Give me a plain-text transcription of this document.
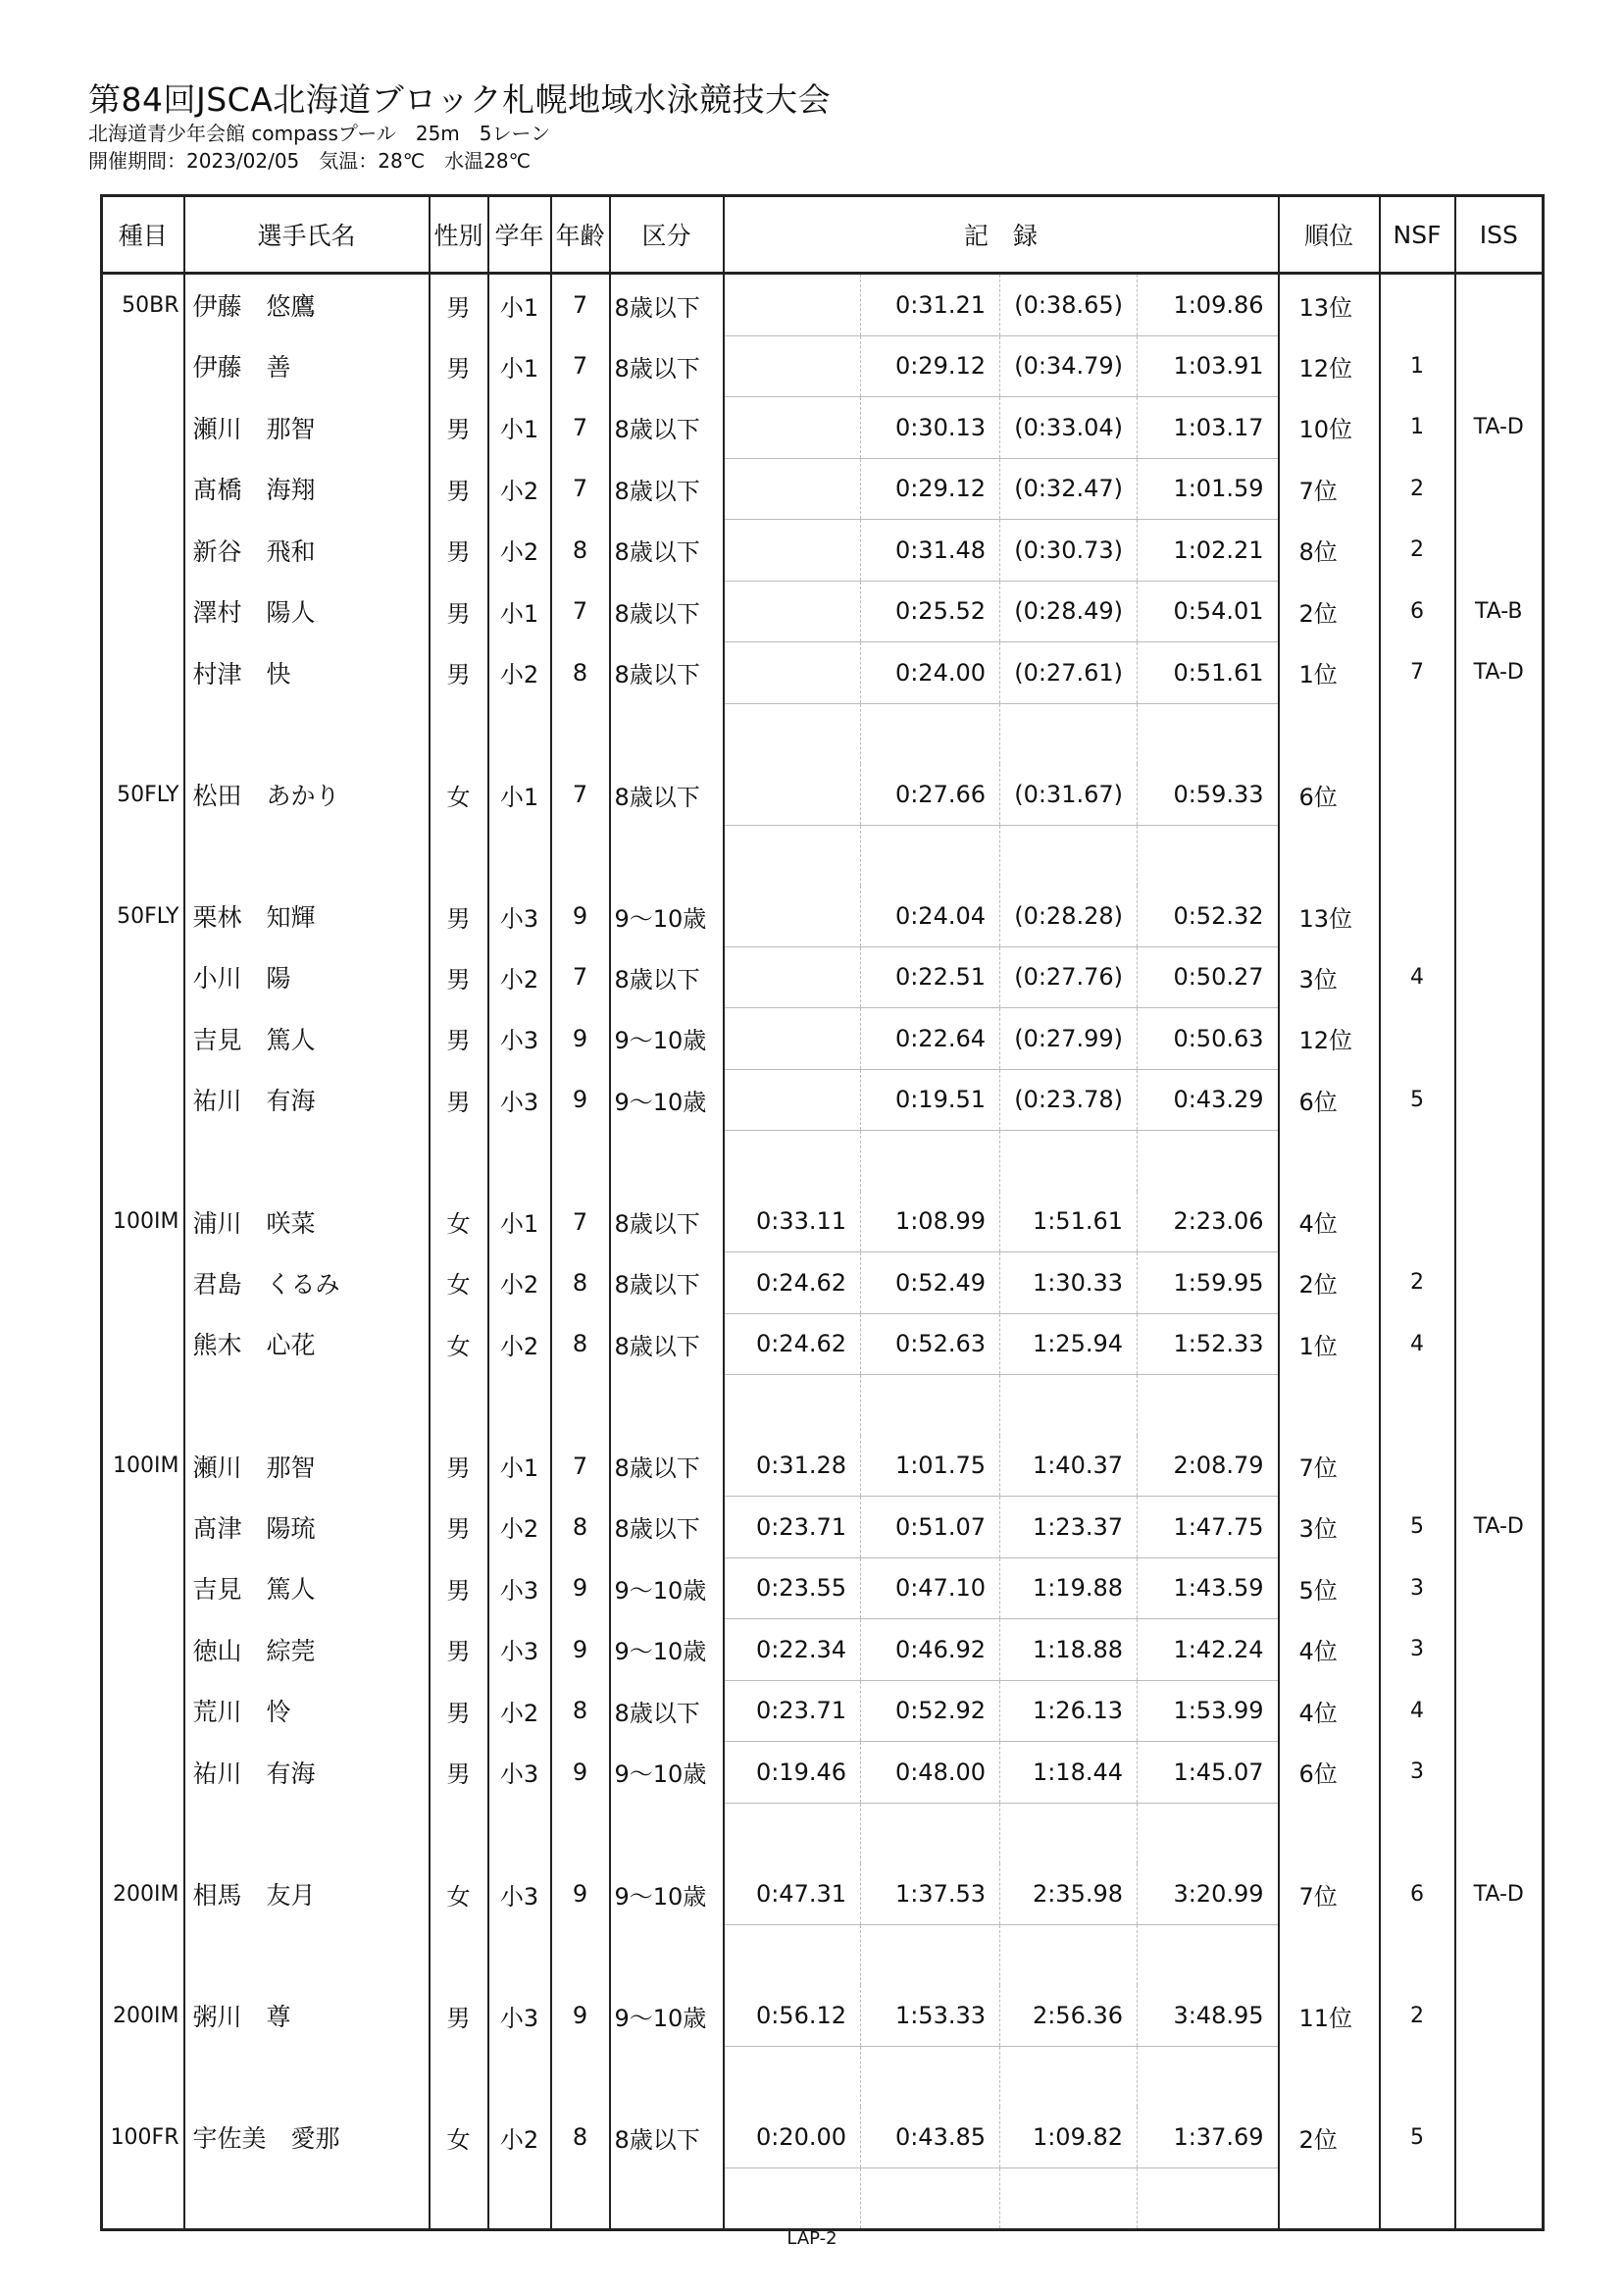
第84回JSCA北海道ブロック札幌地域水泳競技大会
北海道青少年会館 compassプール　25m　5レーン
開催期間：2023/02/05　気温：28℃　水温28℃
種目	選手氏名	性別	学年	年齢	区分	記　録				順位	NSF	ISS
50BR	伊藤　悠鷹	男	小1	7	8歳以下		0:31.21	(0:38.65)	1:09.86	13位		
	伊藤　善	男	小1	7	8歳以下		0:29.12	(0:34.79)	1:03.91	12位	1	
	瀬川　那智	男	小1	7	8歳以下		0:30.13	(0:33.04)	1:03.17	10位	1	TA-D
	髙橋　海翔	男	小2	7	8歳以下		0:29.12	(0:32.47)	1:01.59	7位	2	
	新谷　飛和	男	小2	8	8歳以下		0:31.48	(0:30.73)	1:02.21	8位	2	
	澤村　陽人	男	小1	7	8歳以下		0:25.52	(0:28.49)	0:54.01	2位	6	TA-B
	村津　快	男	小2	8	8歳以下		0:24.00	(0:27.61)	0:51.61	1位	7	TA-D

50FLY	松田　あかり	女	小1	7	8歳以下		0:27.66	(0:31.67)	0:59.33	6位		

50FLY	栗林　知輝	男	小3	9	9～10歳		0:24.04	(0:28.28)	0:52.32	13位		
	小川　陽	男	小2	7	8歳以下		0:22.51	(0:27.76)	0:50.27	3位	4	
	吉見　篤人	男	小3	9	9～10歳		0:22.64	(0:27.99)	0:50.63	12位		
	祐川　有海	男	小3	9	9～10歳		0:19.51	(0:23.78)	0:43.29	6位	5	

100IM	浦川　咲菜	女	小1	7	8歳以下	0:33.11	1:08.99	1:51.61	2:23.06	4位		
	君島　くるみ	女	小2	8	8歳以下	0:24.62	0:52.49	1:30.33	1:59.95	2位	2	
	熊木　心花	女	小2	8	8歳以下	0:24.62	0:52.63	1:25.94	1:52.33	1位	4	

100IM	瀬川　那智	男	小1	7	8歳以下	0:31.28	1:01.75	1:40.37	2:08.79	7位		
	髙津　陽琉	男	小2	8	8歳以下	0:23.71	0:51.07	1:23.37	1:47.75	3位	5	TA-D
	吉見　篤人	男	小3	9	9～10歳	0:23.55	0:47.10	1:19.88	1:43.59	5位	3	
	徳山　綜莞	男	小3	9	9～10歳	0:22.34	0:46.92	1:18.88	1:42.24	4位	3	
	荒川　怜	男	小2	8	8歳以下	0:23.71	0:52.92	1:26.13	1:53.99	4位	4	
	祐川　有海	男	小3	9	9～10歳	0:19.46	0:48.00	1:18.44	1:45.07	6位	3	

200IM	相馬　友月	女	小3	9	9～10歳	0:47.31	1:37.53	2:35.98	3:20.99	7位	6	TA-D

200IM	粥川　尊	男	小3	9	9～10歳	0:56.12	1:53.33	2:56.36	3:48.95	11位	2	

100FR	宇佐美　愛那	女	小2	8	8歳以下	0:20.00	0:43.85	1:09.82	1:37.69	2位	5	

LAP-2
